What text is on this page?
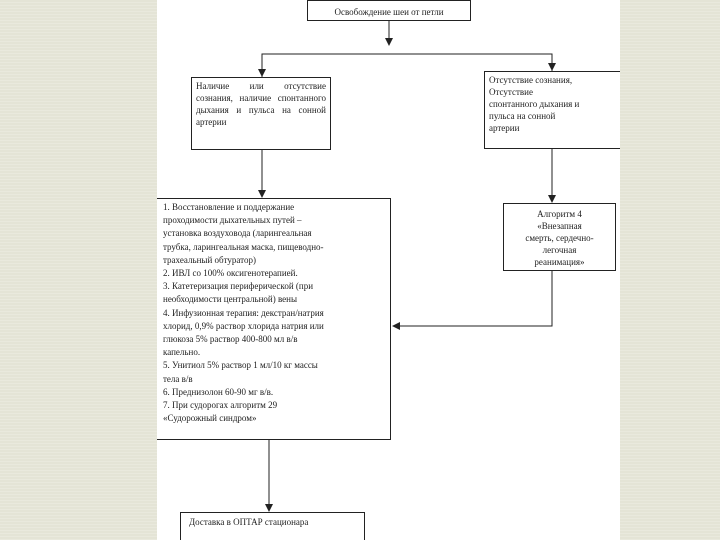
Освобождение шеи от петли
Наличие или отсутствие сознания, наличие спонтанного дыхания и пульса на сонной артерии
Отсутствие сознания,
Отсутствие
спонтанного дыхания и
пульса на сонной
артерии
1. Восстановление и поддержание
проходимости дыхательных путей –
установка воздуховода (ларингеальная
трубка, ларингеальная маска, пищеводно-
трахеальный обтуратор)
2. ИВЛ со 100% оксигенотерапией.
3. Катетеризация периферической (при
необходимости центральной) вены
4. Инфузионная терапия: декстран/натрия
хлорид, 0,9% раствор хлорида натрия или
глюкоза 5% раствор 400-800 мл в/в
капельно.
5. Унитиол 5% раствор 1 мл/10 кг массы
тела в/в
6. Преднизолон 60-90 мг в/в.
7. При судорогах алгоритм 29
«Судорожный синдром»
Алгоритм 4
«Внезапная
смерть, сердечно-
легочная
реанимация»
Доставка в ОПТАР стационара
